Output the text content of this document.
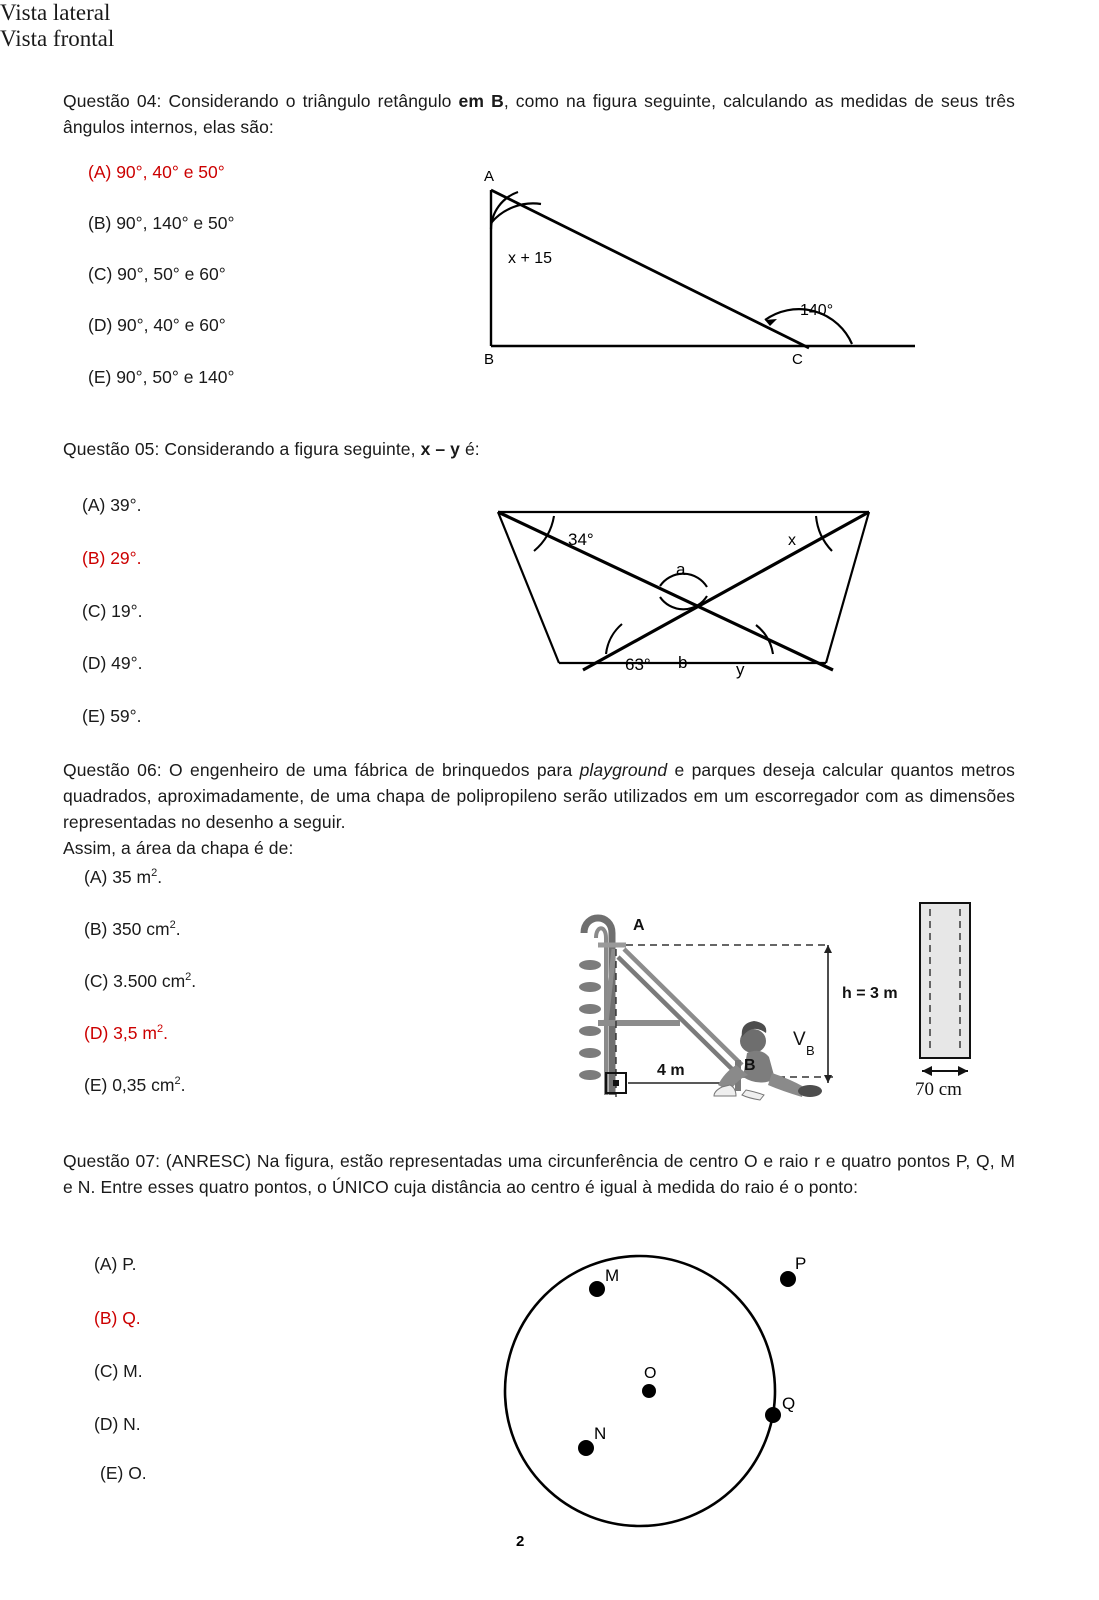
Questão 04: Considerando o triângulo retângulo em B, como na figura seguinte, calculando as medidas de seus três ângulos internos, elas são:
(A) 90°, 40° e 50°
(B) 90°, 140° e 50°
(C) 90°, 50° e 60°
(D) 90°, 40° e 60°
(E) 90°, 50° e 140°
A
B	C
x + 15
140°
Questão 05: Considerando a figura seguinte, x – y é:
(A) 39°.
(B) 29°.
(C) 19°.
(D) 49°.
(E) 59°.
34°	x
a
b
63°	y
Questão 06: O engenheiro de uma fábrica de brinquedos para playground e parques deseja calcular quantos metros quadrados, aproximadamente, de uma chapa de polipropileno serão utilizados em um escorregador com as dimensões representadas no desenho a seguir.
Assim, a área da chapa é de:
(A) 35 $m^2$.
(B) 350 $cm^2$.
(C) 3.500 $cm^2$.
(D) 3,5 $m^2$.
(E) 0,35 $cm^2$.
Vista lateral
Vista frontal
A
B
h = 3 m
4 m
V
B
70 cm
Questão 07: (ANRESC) Na figura, estão representadas uma circunferência de centro O e raio r e quatro pontos P, Q, M e N. Entre esses quatro pontos, o ÚNICO cuja distância ao centro é igual à medida do raio é o ponto:
(A) P.
(B) Q.
(C) M.
(D) N.
(E) O.
O
M
N
P
Q
2
